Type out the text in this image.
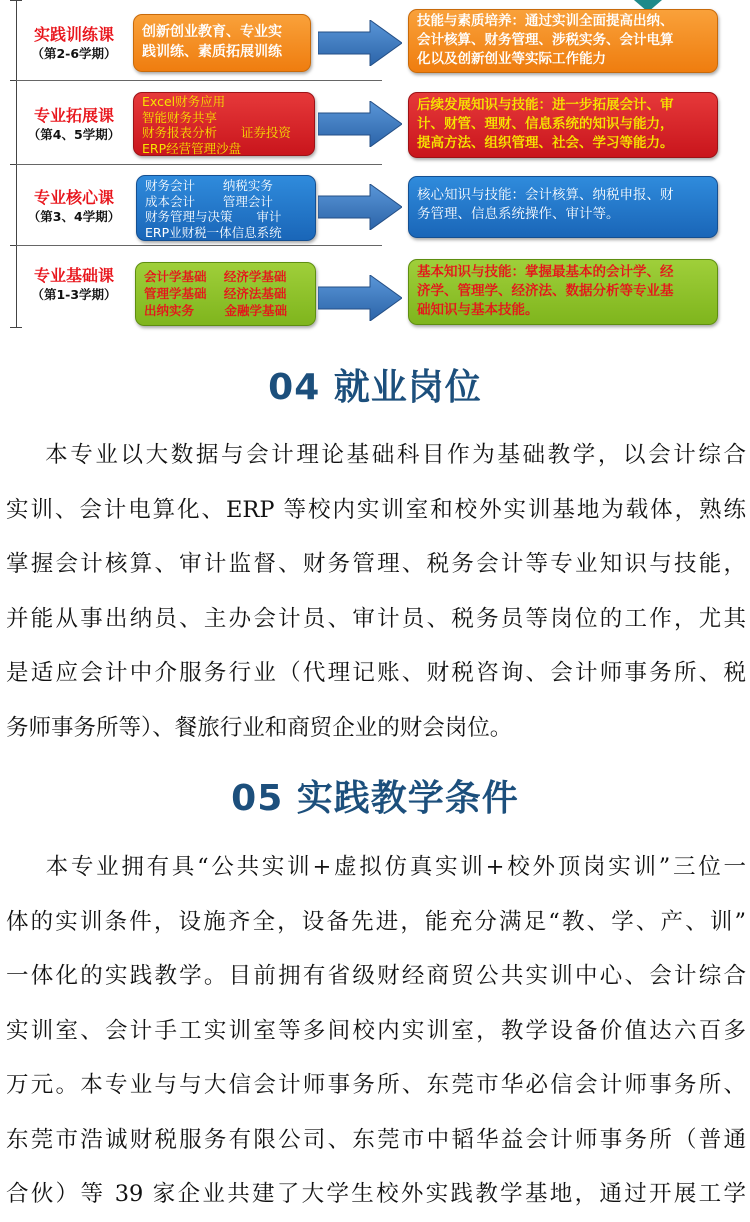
实践训练课
（第2-6学期）
创新创业教育、专业实
践训练、素质拓展训练
技能与素质培养：通过实训全面提高出纳、
会计核算、财务管理、涉税实务、会计电算
化以及创新创业等实际工作能力
专业拓展课
（第4、5学期）
Excel财务应用
智能财务共享
财务报表分析      证券投资
ERP经营管理沙盘
后续发展知识与技能：进一步拓展会计、审
计、财管、理财、信息系统的知识与能力，
提高方法、组织管理、社会、学习等能力。
专业核心课
（第3、4学期）
财务会计       纳税实务
成本会计       管理会计
财务管理与决策      审计
ERP业财税一体信息系统
核心知识与技能：会计核算、纳税申报、财
务管理、信息系统操作、审计等。
专业基础课
（第1-3学期）
会计学基础    经济学基础
管理学基础    经济法基础
出纳实务       金融学基础
基本知识与技能：掌握最基本的会计学、经
济学、管理学、经济法、数据分析等专业基
础知识与基本技能。
04 就业岗位
本专业以大数据与会计理论基础科目作为基础教学，以会计综合
实训、会计电算化、ERP 等校内实训室和校外实训基地为载体，熟练
掌握会计核算、审计监督、财务管理、税务会计等专业知识与技能，
并能从事出纳员、主办会计员、审计员、税务员等岗位的工作，尤其
是适应会计中介服务行业（代理记账、财税咨询、会计师事务所、税
务师事务所等）、餐旅行业和商贸企业的财会岗位。
05 实践教学条件
本专业拥有具“公共实训+虚拟仿真实训+校外顶岗实训”三位一
体的实训条件，设施齐全，设备先进，能充分满足“教、学、产、训”
一体化的实践教学。目前拥有省级财经商贸公共实训中心、会计综合
实训室、会计手工实训室等多间校内实训室，教学设备价值达六百多
万元。本专业与与大信会计师事务所、东莞市华必信会计师事务所、
东莞市浩诚财税服务有限公司、东莞市中韬华益会计师事务所（普通
合伙）等 39 家企业共建了大学生校外实践教学基地，通过开展工学
